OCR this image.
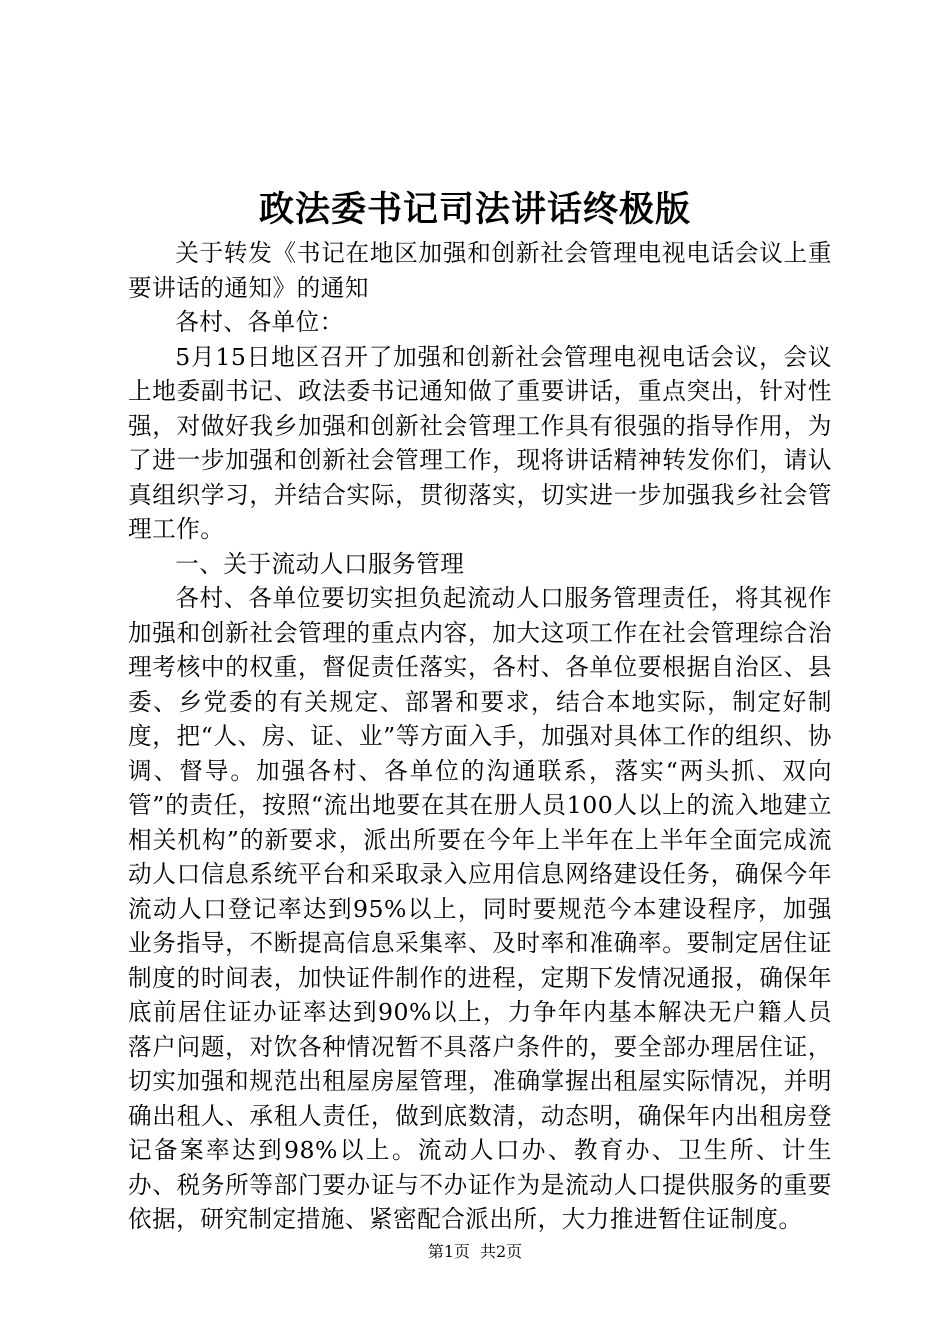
政法委书记司法讲话终极版

关于转发《书记在地区加强和创新社会管理电视电话会议上重要讲话的通知》的通知

各村、各单位：

5月15日地区召开了加强和创新社会管理电视电话会议，会议上地委副书记、政法委书记通知做了重要讲话，重点突出，针对性强，对做好我乡加强和创新社会管理工作具有很强的指导作用，为了进一步加强和创新社会管理工作，现将讲话精神转发你们，请认真组织学习，并结合实际，贯彻落实，切实进一步加强我乡社会管理工作。

一、关于流动人口服务管理

各村、各单位要切实担负起流动人口服务管理责任，将其视作加强和创新社会管理的重点内容，加大这项工作在社会管理综合治理考核中的权重，督促责任落实，各村、各单位要根据自治区、县委、乡党委的有关规定、部署和要求，结合本地实际，制定好制度，把“人、房、证、业”等方面入手，加强对具体工作的组织、协调、督导。加强各村、各单位的沟通联系，落实“两头抓、双向管”的责任，按照“流出地要在其在册人员100人以上的流入地建立相关机构”的新要求，派出所要在今年上半年在上半年全面完成流动人口信息系统平台和采取录入应用信息网络建设任务，确保今年流动人口登记率达到95%以上，同时要规范今本建设程序，加强业务指导，不断提高信息采集率、及时率和准确率。要制定居住证制度的时间表，加快证件制作的进程，定期下发情况通报，确保年底前居住证办证率达到90%以上，力争年内基本解决无户籍人员落户问题，对饮各种情况暂不具落户条件的，要全部办理居住证，切实加强和规范出租屋房屋管理，准确掌握出租屋实际情况，并明确出租人、承租人责任，做到底数清，动态明，确保年内出租房登记备案率达到98%以上。流动人口办、教育办、卫生所、计生办、税务所等部门要办证与不办证作为是流动人口提供服务的重要依据，研究制定措施、紧密配合派出所，大力推进暂住证制度。

第1页 共2页
